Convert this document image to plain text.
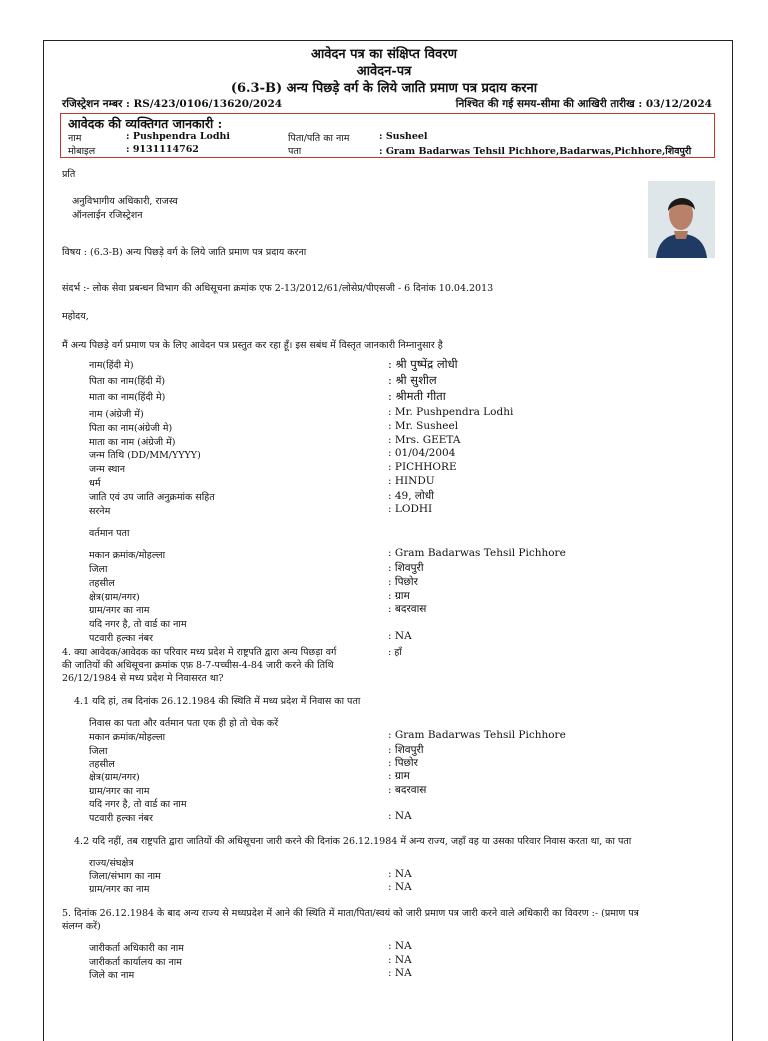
आवेदन पत्र का संक्षिप्त विवरण
आवेदन-पत्र
(6.3-B) अन्य पिछड़े वर्ग के लिये जाति प्रमाण पत्र प्रदाय करना
रजिस्ट्रेशन नम्बर : RS/423/0106/13620/2024	निश्चित की गई समय-सीमा की आखिरी तारीख : 03/12/2024
आवेदक की व्यक्तिगत जानकारी :
नाम	: Pushpendra Lodhi	पिता/पति का नाम	: Susheel
मोबाइल	: 9131114762	पता	: Gram Badarwas Tehsil Pichhore,Badarwas,Pichhore,शिवपुरी
प्रति
अनुविभागीय अधिकारी, राजस्व
ऑनलाईन रजिस्ट्रेशन
विषय : (6.3-B) अन्य पिछड़े वर्ग के लिये जाति प्रमाण पत्र प्रदाय करना
संदर्भ :- लोक सेवा प्रबन्धन विभाग की अधिसूचना क्रमांक एफ 2-13/2012/61/लोसेप्र/पीएसजी - 6 दिनांक 10.04.2013
महोदय,
मैं अन्य पिछड़े वर्ग प्रमाण पत्र के लिए आवेदन पत्र प्रस्तुत कर रहा हूँ। इस सबंध में विस्तृत जानकारी निम्नानुसार है
नाम(हिंदी मे)	: श्री पुष्पेंद्र लोधी
पिता का नाम(हिंदी में)	: श्री सुशील
माता का नाम(हिंदी मे)	: श्रीमती गीता
नाम (अंग्रेजी में)	: Mr. Pushpendra Lodhi
पिता का नाम(अंग्रेजी मे)	: Mr. Susheel
माता का नाम (अंग्रेजी में)	: Mrs. GEETA
जन्म तिथि (DD/MM/YYYY)	: 01/04/2004
जन्म स्थान	: PICHHORE
धर्म	: HINDU
जाति एवं उप जाति अनुक्रमांक सहित	: 49, लोधी
सरनेम	: LODHI
वर्तमान पता
मकान क्रमांक/मोहल्ला	: Gram Badarwas Tehsil Pichhore
जिला	: शिवपुरी
तहसील	: पिछोर
क्षेत्र(ग्राम/नगर)	: ग्राम
ग्राम/नगर का नाम	: बदरवास
यदि नगर है, तो वार्ड का नाम
पटवारी हल्का नंबर	: NA
4. क्या आवेदक/आवेदक का परिवार मध्य प्रदेश मे राष्ट्रपति द्वारा अन्य पिछड़ा वर्ग	: हाँ
की जातियों की अधिसूचना क्रमांक एफ़ 8-7-पच्चीस-4-84 जारी करने की तिथि
26/12/1984 से मध्य प्रदेश मे निवासरत था?
4.1 यदि हां, तब दिनांक 26.12.1984 की स्थिति में मध्य प्रदेश में निवास का पता
निवास का पता और वर्तमान पता एक ही हो तो चेक करें
मकान क्रमांक/मोहल्ला	: Gram Badarwas Tehsil Pichhore
जिला	: शिवपुरी
तहसील	: पिछोर
क्षेत्र(ग्राम/नगर)	: ग्राम
ग्राम/नगर का नाम	: बदरवास
यदि नगर है, तो वार्ड का नाम
पटवारी हल्का नंबर	: NA
4.2 यदि नहीं, तब राष्ट्रपति द्वारा जातियों की अधिसूचना जारी करने की दिनांक 26.12.1984 में अन्य राज्य, जहाँ वह या उसका परिवार निवास करता था, का पता
राज्य/संघक्षेत्र
जिला/संभाग का नाम	: NA
ग्राम/नगर का नाम	: NA
5. दिनांक 26.12.1984 के बाद अन्य राज्य से मध्यप्रदेश में आने की स्थिति में माता/पिता/स्वयं को जारी प्रमाण पत्र जारी करने वाले अधिकारी का विवरण :- (प्रमाण पत्र
संलग्न करें)
जारीकर्ता अधिकारी का नाम	: NA
जारीकर्ता कार्यालय का नाम	: NA
जिले का नाम	: NA
